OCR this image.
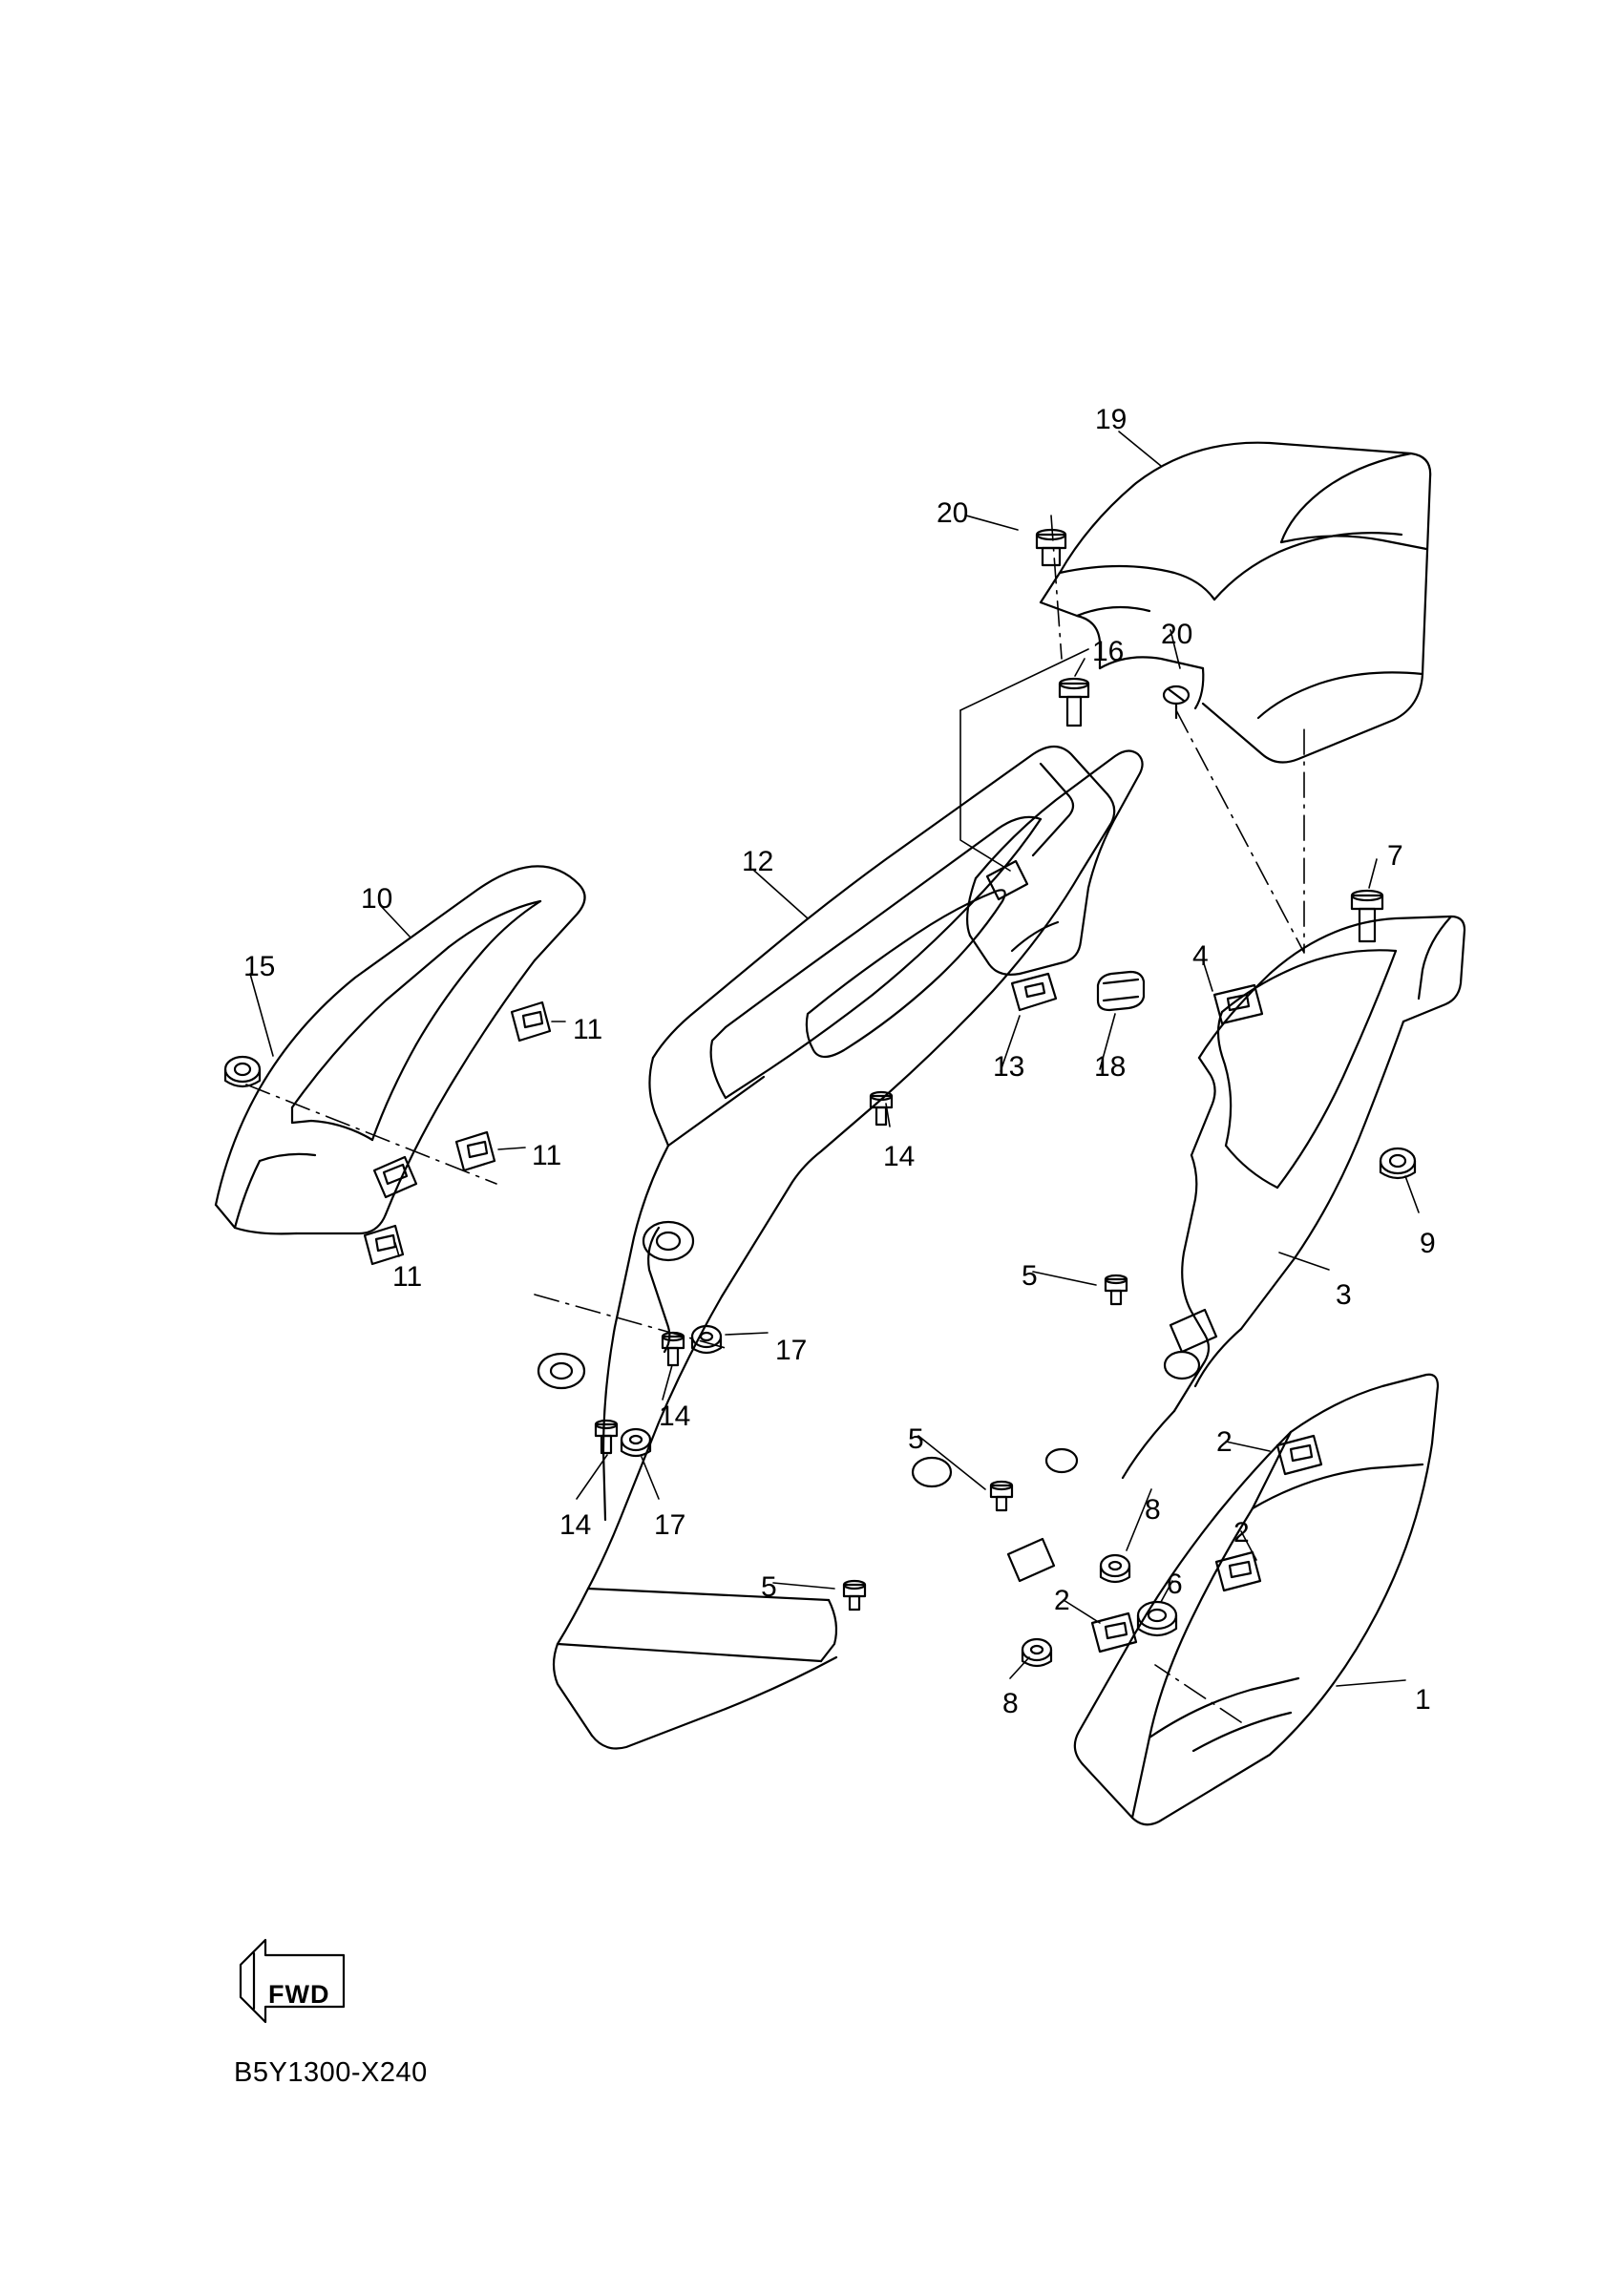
19
20
20
16
7
12
10
15	4
11
13 18
11	14
9
11
3
5
17
14
14 17
5	2
8
2
6
5	2
1
8
FWD
B5Y1300-X240
